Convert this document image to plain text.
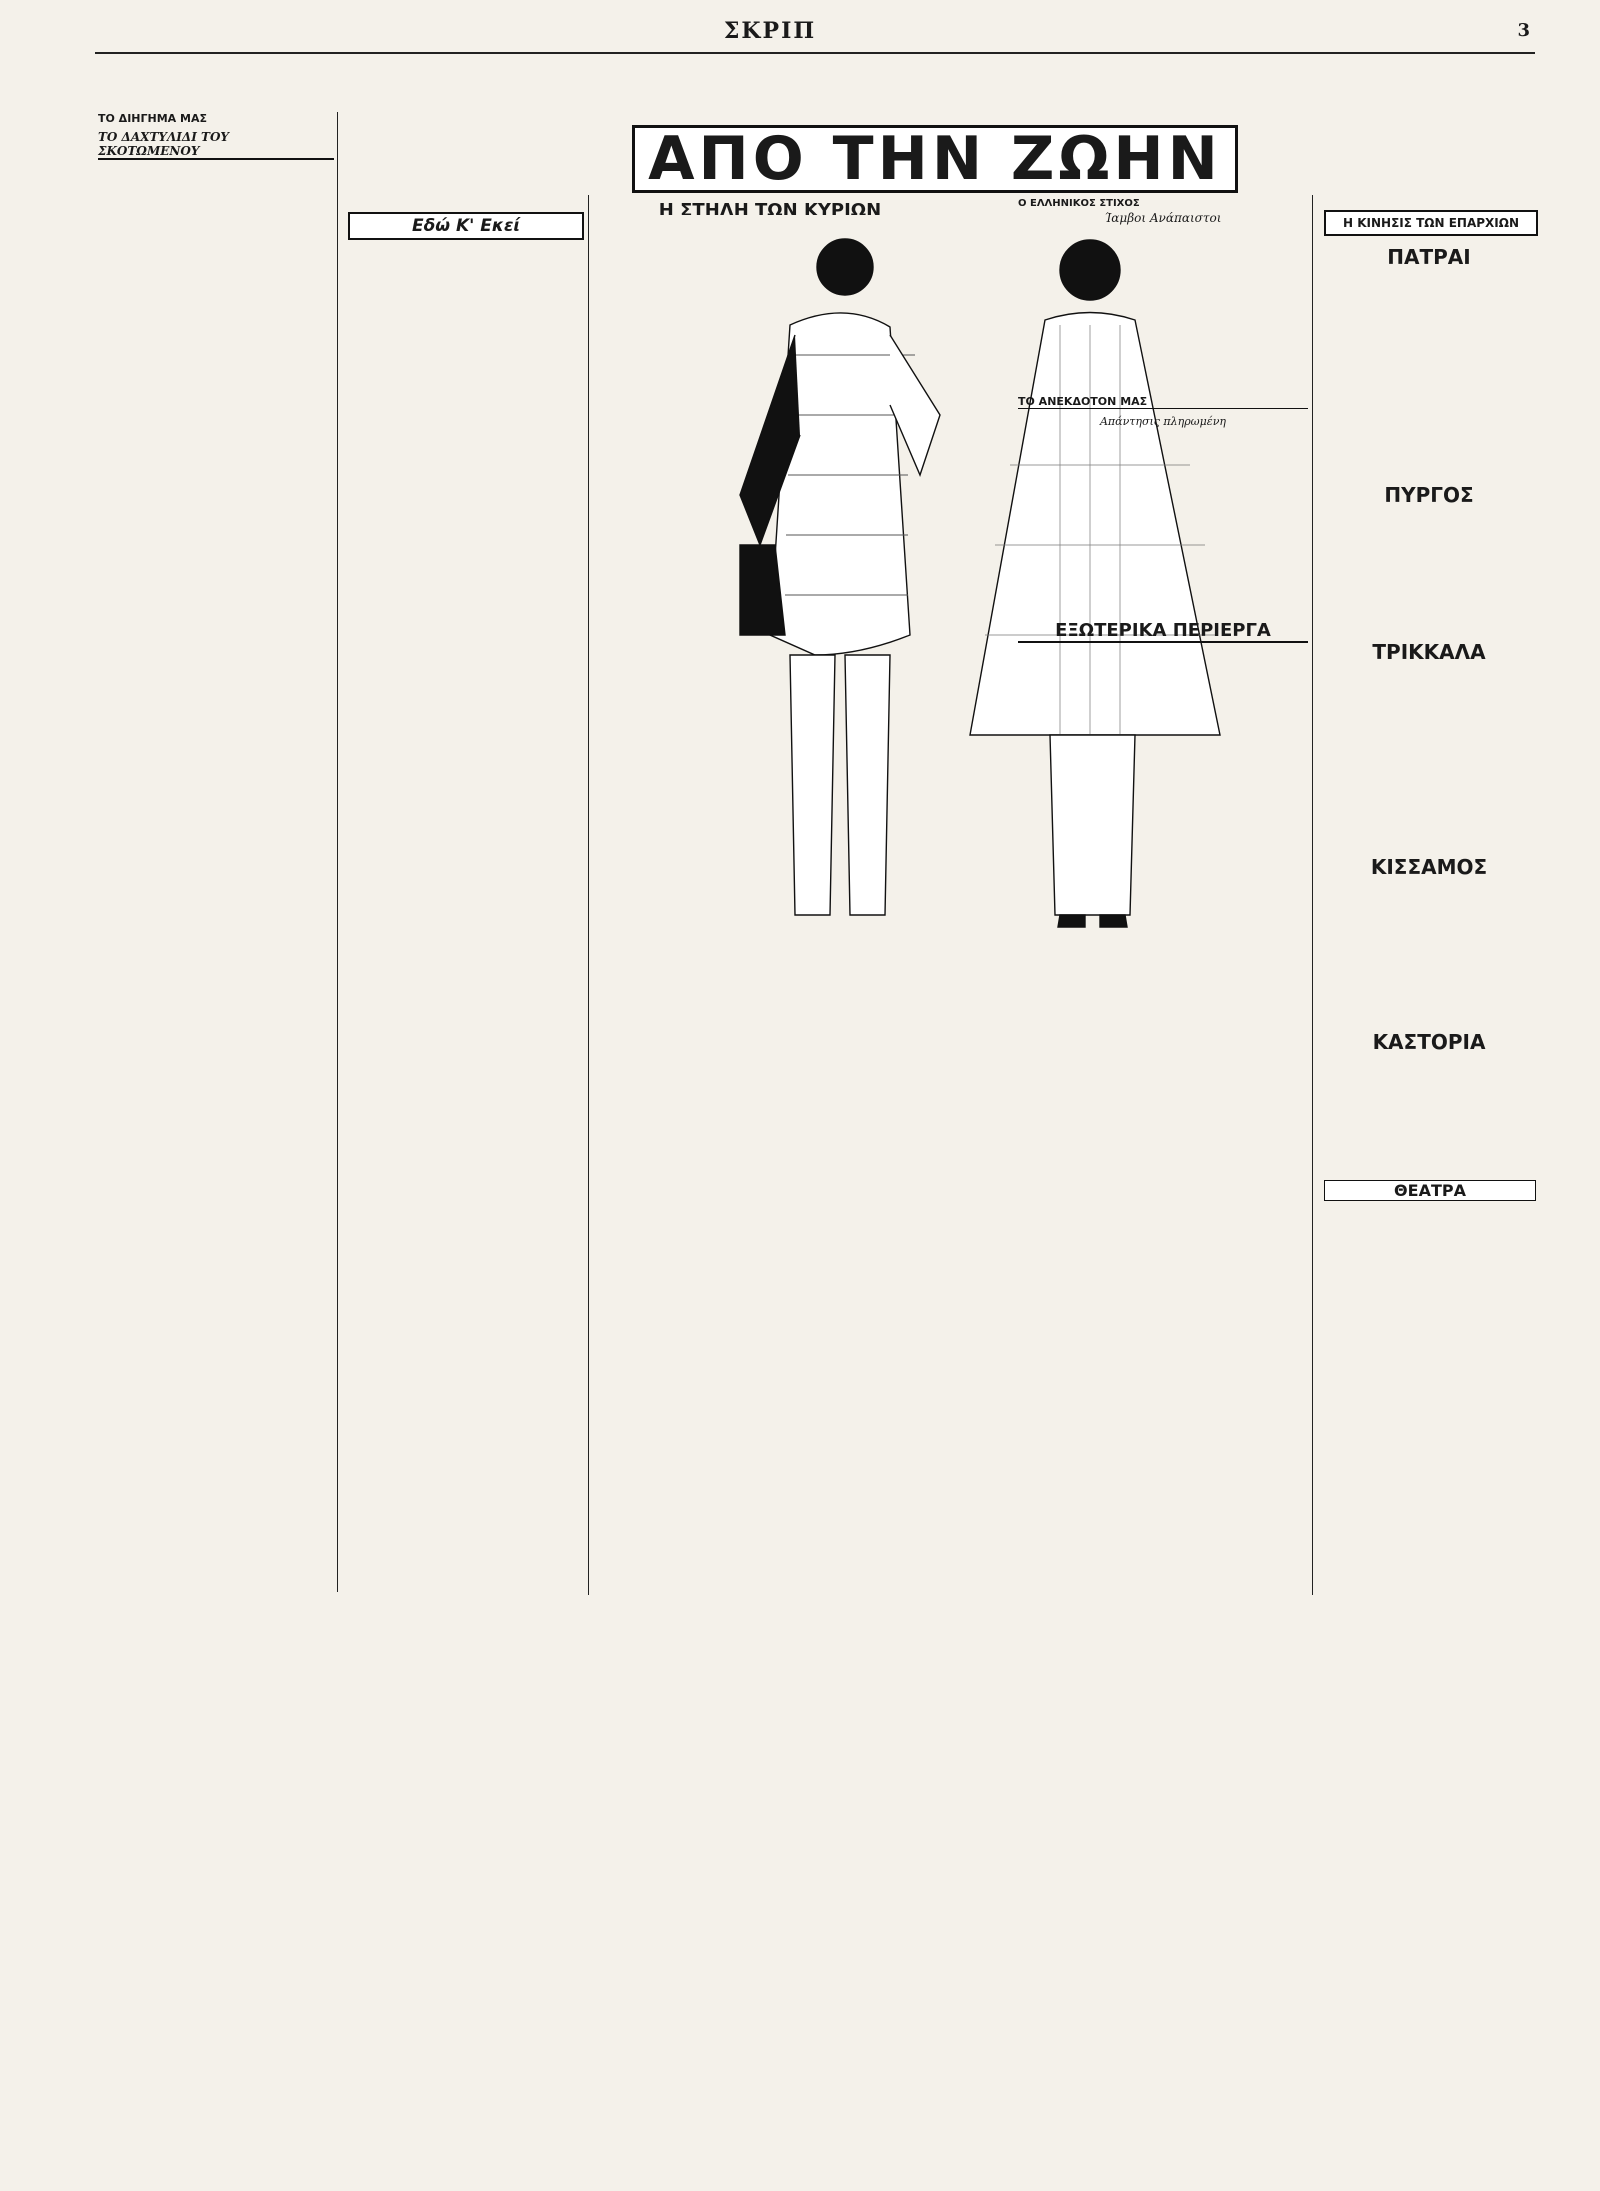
ΣΚΡΙΠ	3
ΤΟ ΔΙΗΓΗΜΑ ΜΑΣ
ΤΟ ΔΑΧΤΥΛΙΔΙ ΤΟΥ ΣΚΟΤΩΜΕΝΟΥ	ΑΠΟ ΤΗΝ ΖΩΗΝ
Εδώ Κ' Εκεί
Η ΣΤΗΛΗ ΤΩΝ ΚΥΡΙΩΝ	Ο ΕΛΛΗΝΙΚΟΣ ΣΤΙΧΟΣ
Ίαμβοι Ανάπαιστοι
ΤΟ ΑΝΕΚΔΟΤΟΝ ΜΑΣ
Απάντησις πληρωμένη
ΕΞΩΤΕΡΙΚΑ ΠΕΡΙΕΡΓΑ
Η ΚΙΝΗΣΙΣ ΤΩΝ ΕΠΑΡΧΙΩΝ
ΠΑΤΡΑΙ
ΠΥΡΓΟΣ
ΤΡΙΚΚΑΛΑ
ΚΙΣΣΑΜΟΣ
ΚΑΣΤΟΡΙΑ
ΘΕΑΤΡΑ
